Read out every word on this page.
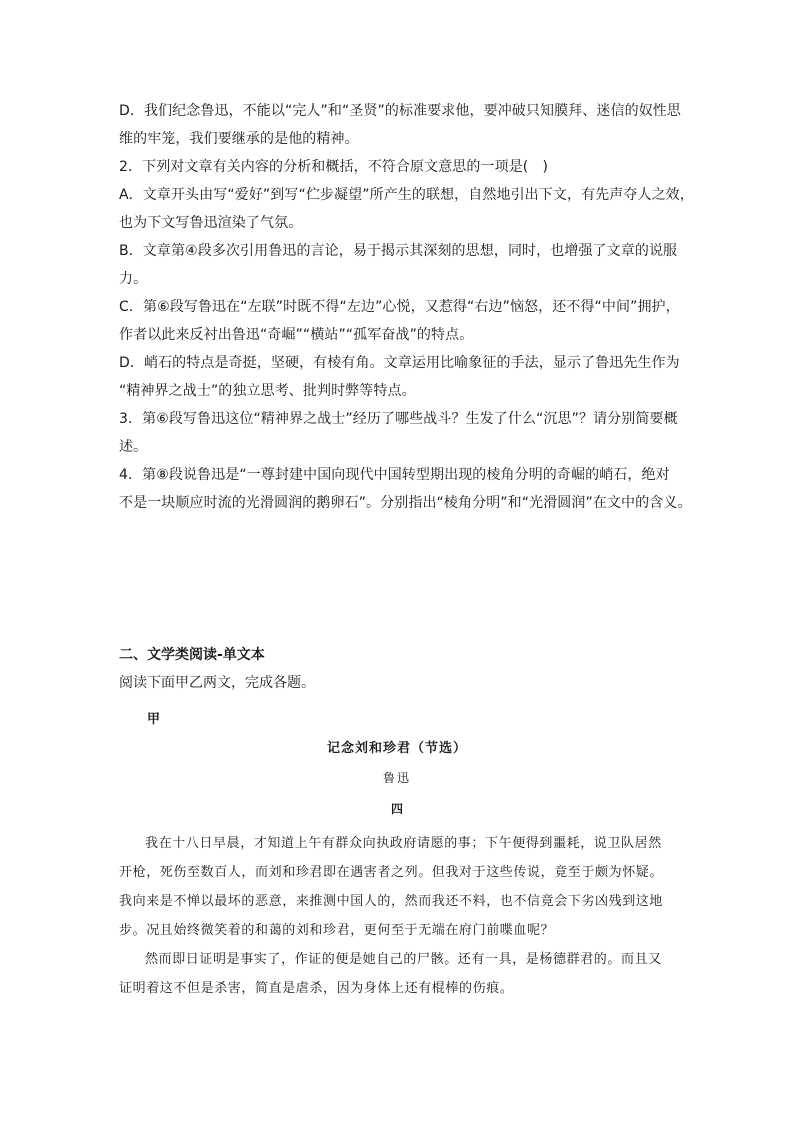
D．我们纪念鲁迅，不能以“完人”和“圣贤”的标准要求他，要冲破只知膜拜、迷信的奴性思
维的牢笼，我们要继承的是他的精神。
2．下列对文章有关内容的分析和概括，不符合原文意思的一项是(　)
A．文章开头由写“爱好”到写“伫步凝望”所产生的联想，自然地引出下文，有先声夺人之效，
也为下文写鲁迅渲染了气氛。
B．文章第④段多次引用鲁迅的言论，易于揭示其深刻的思想，同时，也增强了文章的说服
力。
C．第⑥段写鲁迅在“左联”时既不得“左边”心悦，又惹得“右边”恼怒，还不得“中间”拥护，
作者以此来反衬出鲁迅“奇崛”“横站”“孤军奋战”的特点。
D．峭石的特点是奇挺，坚硬，有棱有角。文章运用比喻象征的手法，显示了鲁迅先生作为
“精神界之战士”的独立思考、批判时弊等特点。
3．第⑥段写鲁迅这位“精神界之战士”经历了哪些战斗？生发了什么“沉思”？请分别简要概
述。
4．第⑧段说鲁迅是“一尊封建中国向现代中国转型期出现的棱角分明的奇崛的峭石，绝对
不是一块顺应时流的光滑圆润的鹅卵石”。分别指出“棱角分明”和“光滑圆润”在文中的含义。
二、文学类阅读-单文本
阅读下面甲乙两文，完成各题。
甲
记念刘和珍君（节选）
鲁迅
四
我在十八日早晨，才知道上午有群众向执政府请愿的事；下午便得到噩耗，说卫队居然
开枪，死伤至数百人，而刘和珍君即在遇害者之列。但我对于这些传说，竟至于颇为怀疑。
我向来是不惮以最坏的恶意，来推测中国人的，然而我还不料，也不信竟会下劣凶残到这地
步。况且始终微笑着的和蔼的刘和珍君，更何至于无端在府门前喋血呢？
然而即日证明是事实了，作证的便是她自己的尸骸。还有一具，是杨德群君的。而且又
证明着这不但是杀害，简直是虐杀，因为身体上还有棍棒的伤痕。
